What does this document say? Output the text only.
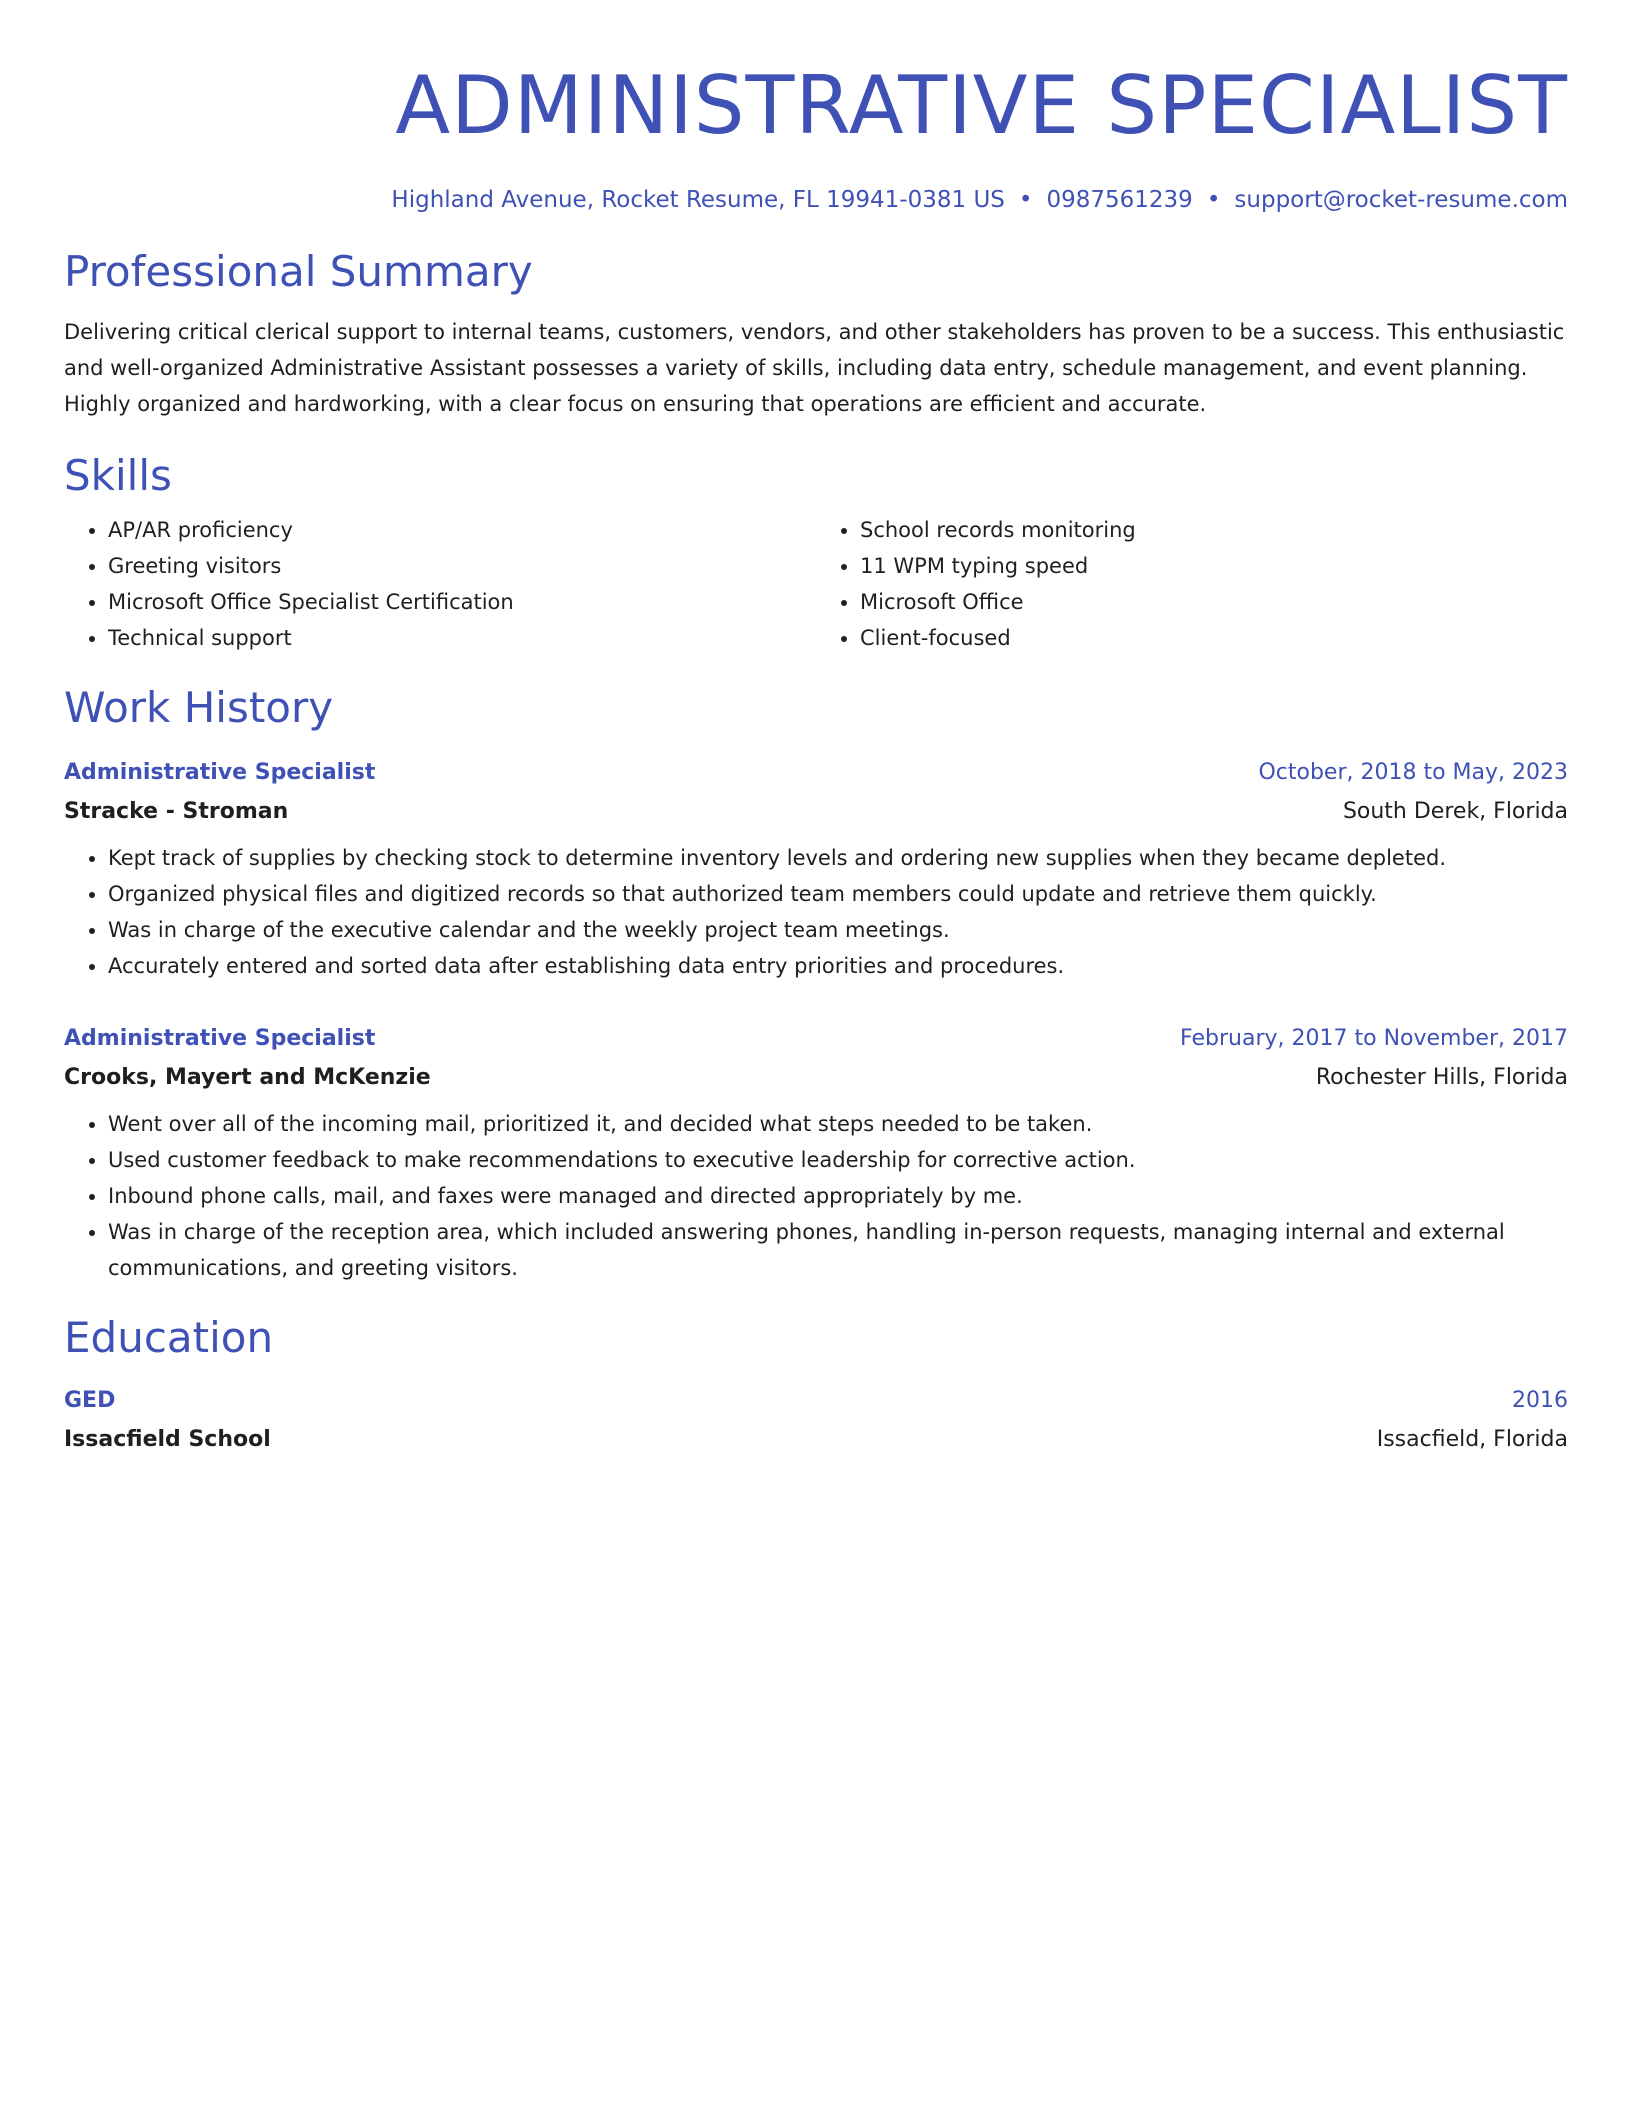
ADMINISTRATIVE SPECIALIST
Highland Avenue, Rocket Resume, FL 19941-0381 US • 0987561239 • support@rocket-resume.com
Professional Summary
Delivering critical clerical support to internal teams, customers, vendors, and other stakeholders has proven to be a success. This enthusiastic and well-organized Administrative Assistant possesses a variety of skills, including data entry, schedule management, and event planning. Highly organized and hardworking, with a clear focus on ensuring that operations are efficient and accurate.
Skills
• AP/AR proficiency
• Greeting visitors
• Microsoft Office Specialist Certification
• Technical support
• School records monitoring
• 11 WPM typing speed
• Microsoft Office
• Client-focused
Work History
Administrative Specialist	October, 2018 to May, 2023
Stracke - Stroman	South Derek, Florida
• Kept track of supplies by checking stock to determine inventory levels and ordering new supplies when they became depleted.
• Organized physical files and digitized records so that authorized team members could update and retrieve them quickly.
• Was in charge of the executive calendar and the weekly project team meetings.
• Accurately entered and sorted data after establishing data entry priorities and procedures.
Administrative Specialist	February, 2017 to November, 2017
Crooks, Mayert and McKenzie	Rochester Hills, Florida
• Went over all of the incoming mail, prioritized it, and decided what steps needed to be taken.
• Used customer feedback to make recommendations to executive leadership for corrective action.
• Inbound phone calls, mail, and faxes were managed and directed appropriately by me.
• Was in charge of the reception area, which included answering phones, handling in-person requests, managing internal and external communications, and greeting visitors.
Education
GED	2016
Issacfield School	Issacfield, Florida
